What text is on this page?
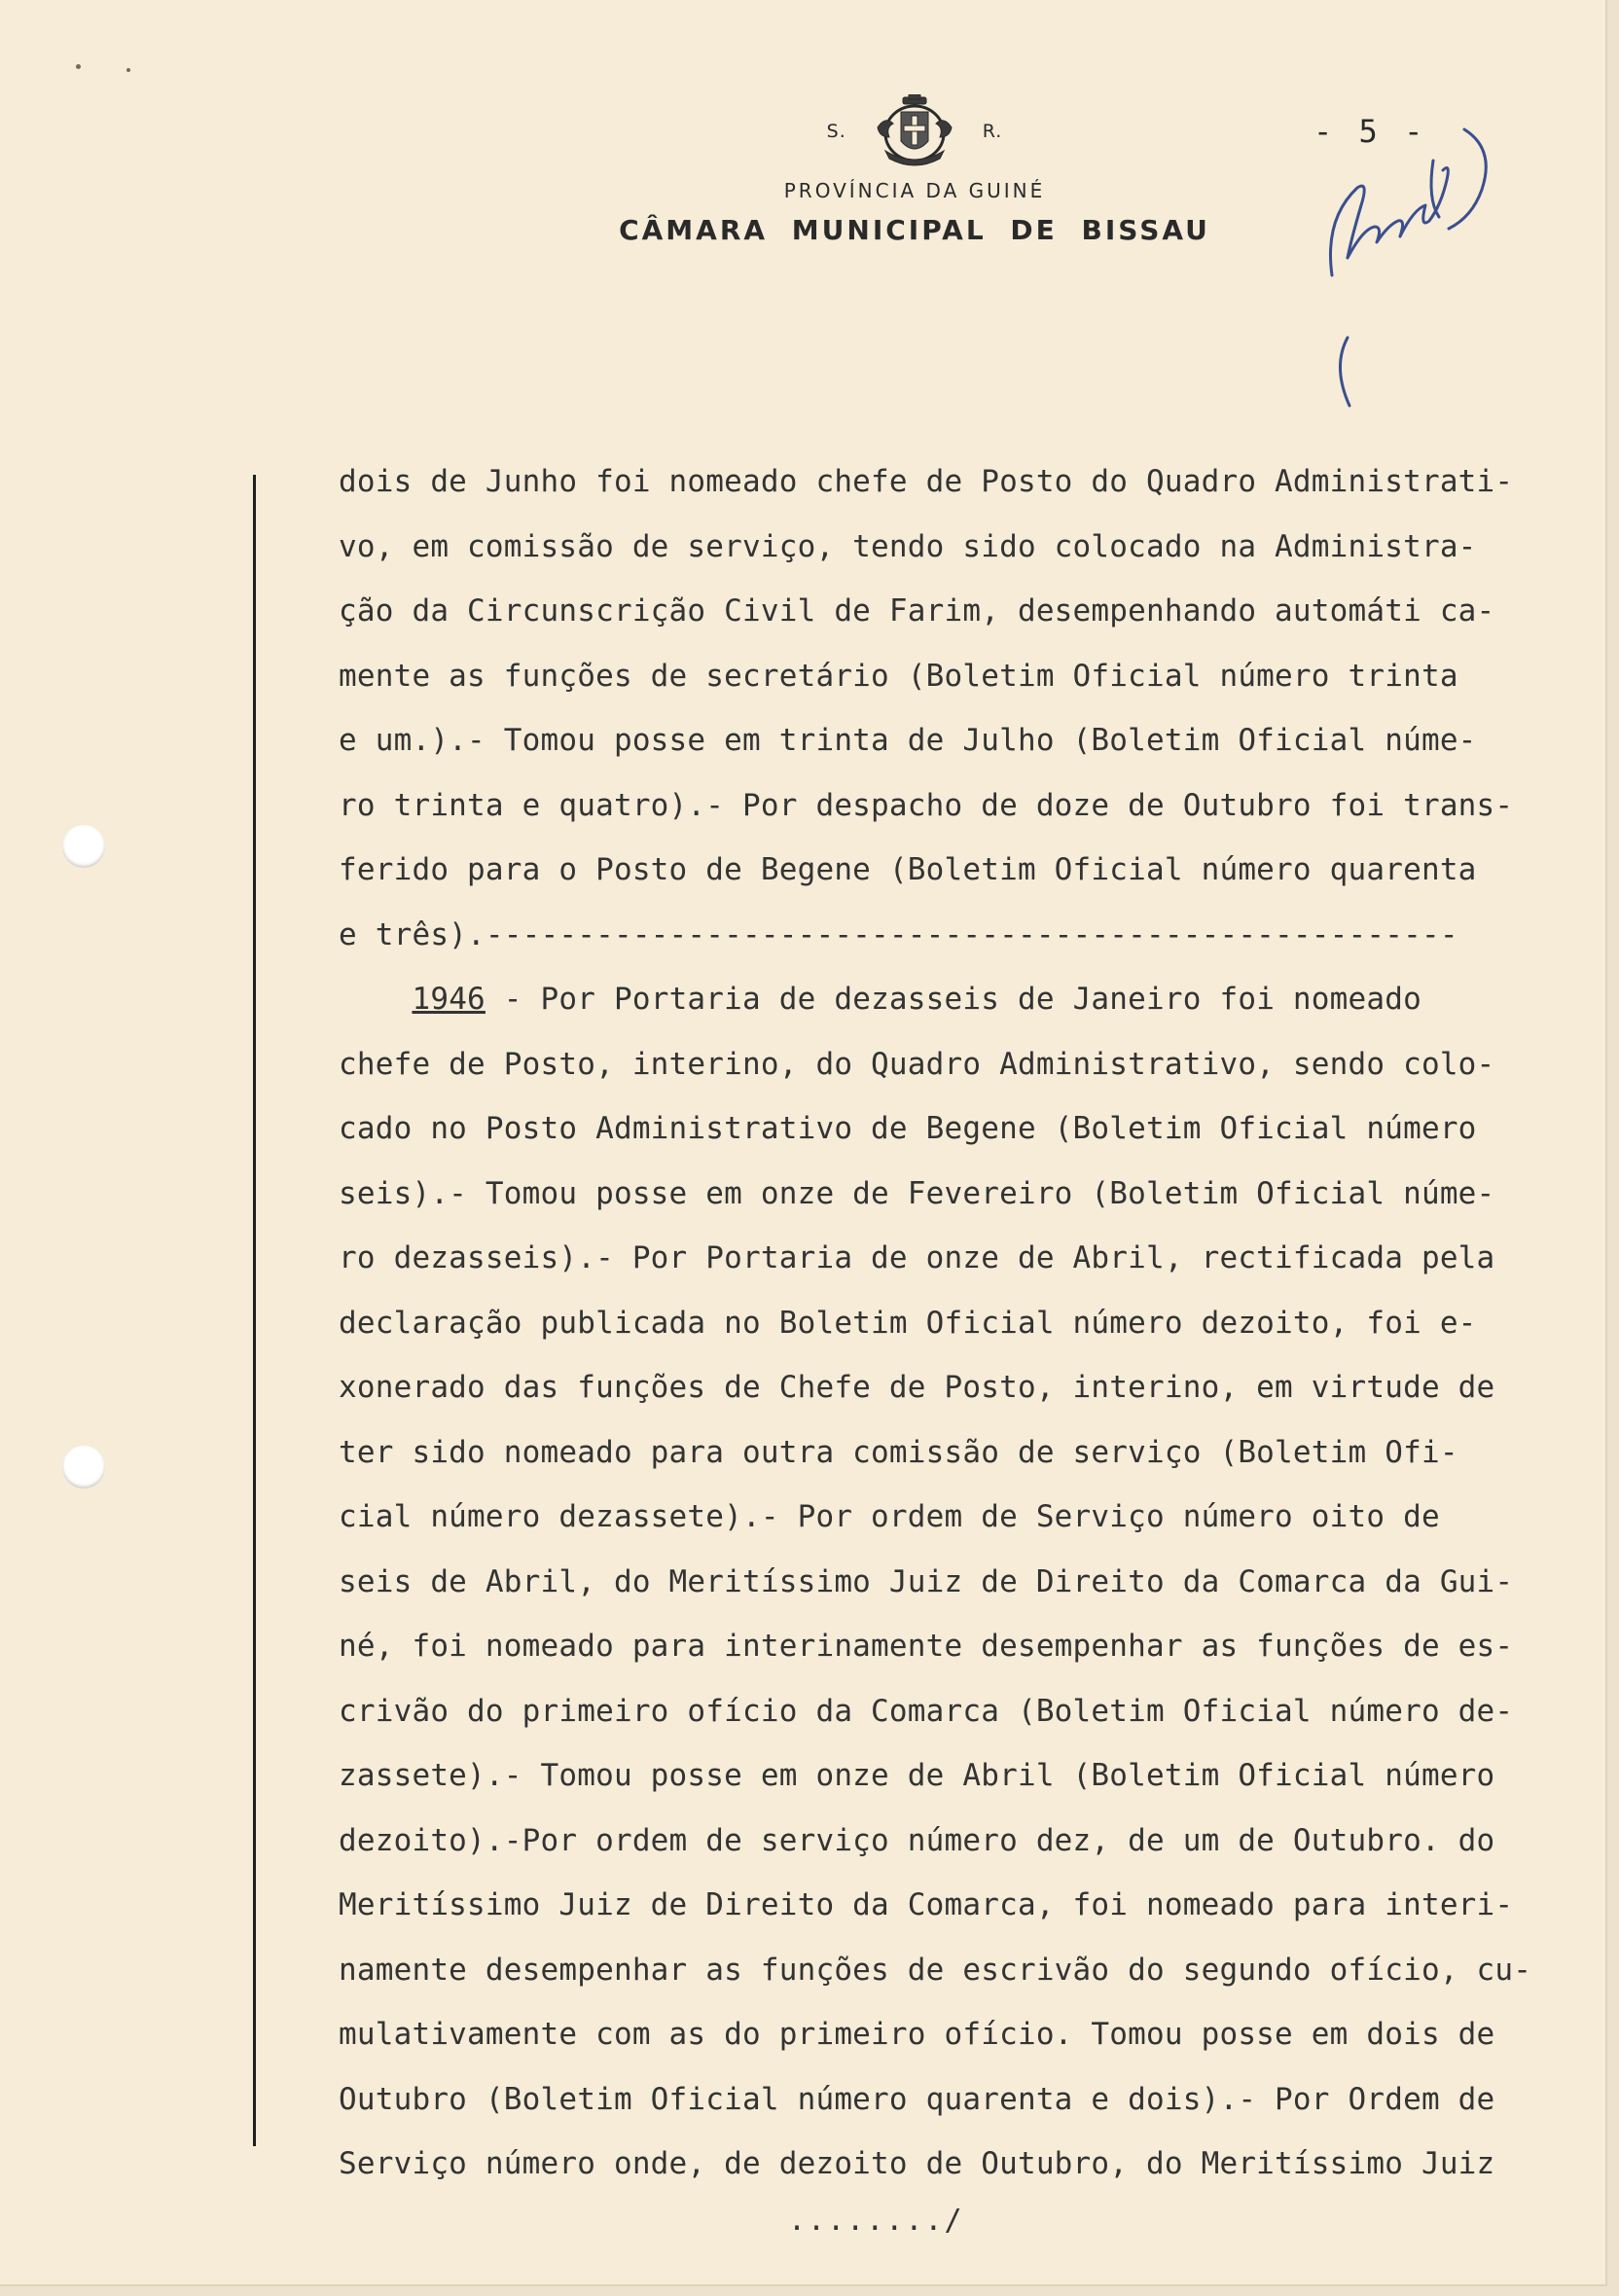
S.	R.
PROVÍNCIA DA GUINÉ
CÂMARA MUNICIPAL DE BISSAU
- 5 -
dois de Junho foi nomeado chefe de Posto do Quadro Administrati-
vo, em comissão de serviço, tendo sido colocado na Administra-
ção da Circunscrição Civil de Farim, desempenhando automáti ca-
mente as funções de secretário (Boletim Oficial número trinta
e um.).- Tomou posse em trinta de Julho (Boletim Oficial núme-
ro trinta e quatro).- Por despacho de doze de Outubro foi trans-
ferido para o Posto de Begene (Boletim Oficial número quarenta
e três).-----------------------------------------------------
1946 - Por Portaria de dezasseis de Janeiro foi nomeado
chefe de Posto, interino, do Quadro Administrativo, sendo colo-
cado no Posto Administrativo de Begene (Boletim Oficial número
seis).- Tomou posse em onze de Fevereiro (Boletim Oficial núme-
ro dezasseis).- Por Portaria de onze de Abril, rectificada pela
declaração publicada no Boletim Oficial número dezoito, foi e-
xonerado das funções de Chefe de Posto, interino, em virtude de
ter sido nomeado para outra comissão de serviço (Boletim Ofi-
cial número dezassete).- Por ordem de Serviço número oito de
seis de Abril, do Meritíssimo Juiz de Direito da Comarca da Gui-
né, foi nomeado para interinamente desempenhar as funções de es-
crivão do primeiro ofício da Comarca (Boletim Oficial número de-
zassete).- Tomou posse em onze de Abril (Boletim Oficial número
dezoito).-Por ordem de serviço número dez, de um de Outubro. do
Meritíssimo Juiz de Direito da Comarca, foi nomeado para interi-
namente desempenhar as funções de escrivão do segundo ofício, cu-
mulativamente com as do primeiro ofício. Tomou posse em dois de
Outubro (Boletim Oficial número quarenta e dois).- Por Ordem de
Serviço número onde, de dezoito de Outubro, do Meritíssimo Juiz
......../
